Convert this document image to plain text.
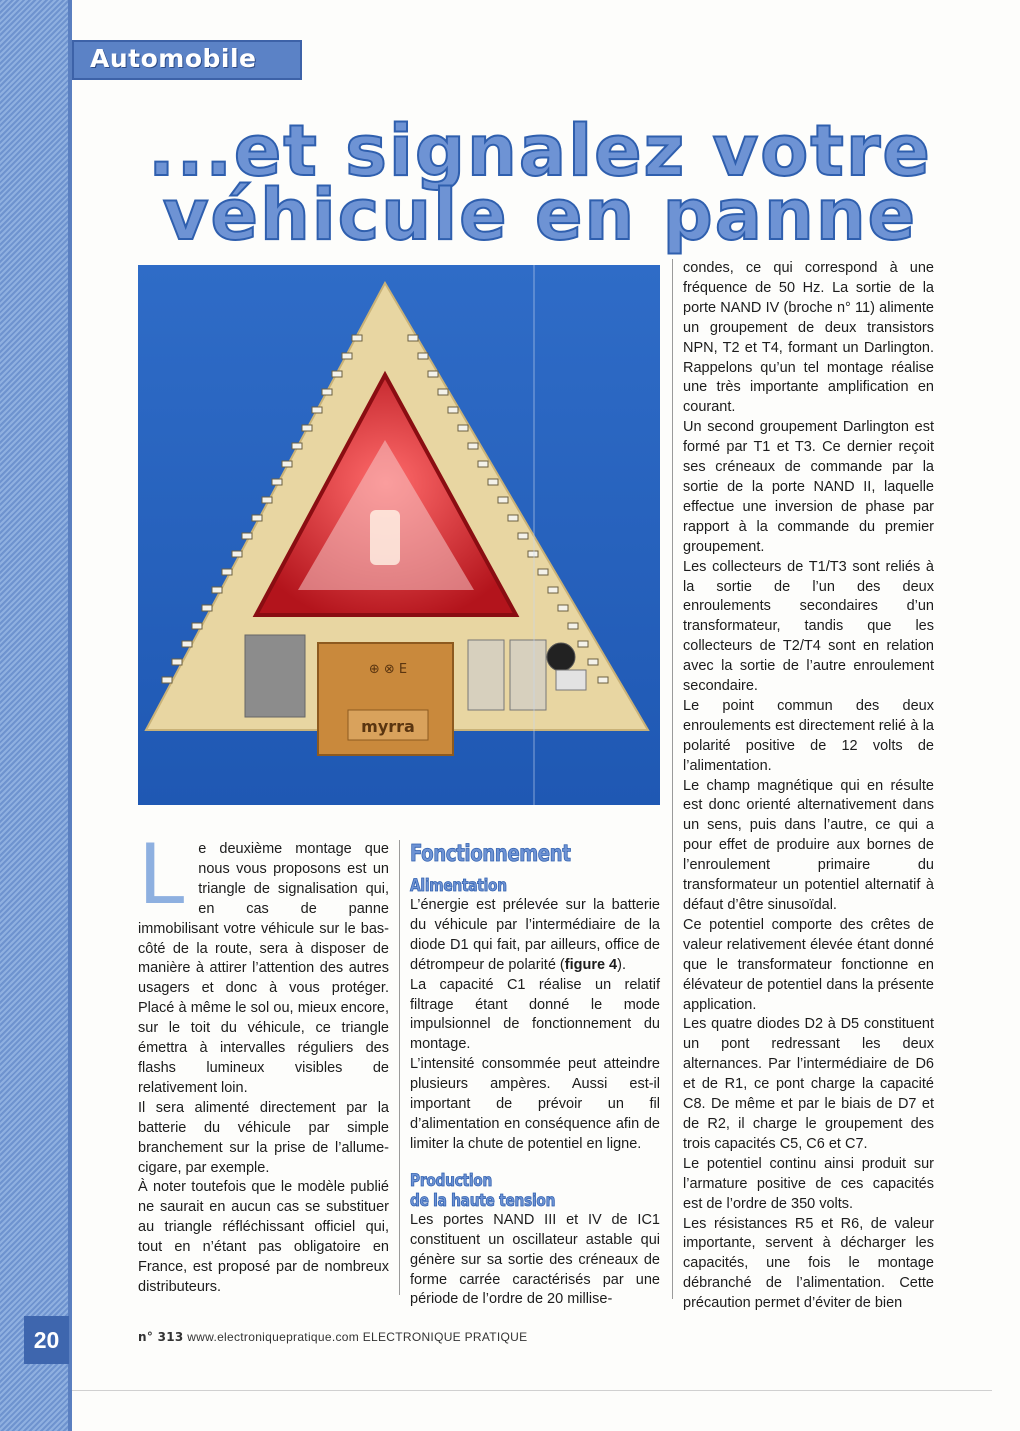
Automobile
...et signalez votre
véhicule en panne
myrra
⊕ ⊗ E
L e deuxième montage que nous vous proposons est un triangle de signalisation qui, en cas de panne immobilisant votre véhicule sur le bas-côté de la route, sera à disposer de manière à attirer l’attention des autres usagers et donc à vous protéger. Placé à même le sol ou, mieux encore, sur le toit du véhicule, ce triangle émettra à intervalles réguliers des flashs lumineux visibles de relativement loin.

Il sera alimenté directement par la batterie du véhicule par simple branchement sur la prise de l’allume-cigare, par exemple.

À noter toutefois que le modèle publié ne saurait en aucun cas se substituer au triangle réfléchissant officiel qui, tout en n’étant pas obligatoire en France, est proposé par de nombreux distributeurs.

Fonctionnement
Alimentation

L’énergie est prélevée sur la batterie du véhicule par l’intermédiaire de la diode D1 qui fait, par ailleurs, office de détrompeur de polarité (figure 4).

La capacité C1 réalise un relatif filtrage étant donné le mode impulsionnel de fonctionnement du montage.

L’intensité consommée peut atteindre plusieurs ampères. Aussi est-il important de prévoir un fil d’alimentation en conséquence afin de limiter la chute de potentiel en ligne.

Production
de la haute tension

Les portes NAND III et IV de IC1 constituent un oscillateur astable qui génère sur sa sortie des créneaux de forme carrée caractérisés par une période de l’ordre de 20 millise-

condes, ce qui correspond à une fréquence de 50 Hz. La sortie de la porte NAND IV (broche n° 11) alimente un groupement de deux transistors NPN, T2 et T4, formant un Darlington. Rappelons qu’un tel montage réalise une très importante amplification en courant.

Un second groupement Darlington est formé par T1 et T3. Ce dernier reçoit ses créneaux de commande par la sortie de la porte NAND II, laquelle effectue une inversion de phase par rapport à la commande du premier groupement.

Les collecteurs de T1/T3 sont reliés à la sortie de l’un des deux enroulements secondaires d’un transformateur, tandis que les collecteurs de T2/T4 sont en relation avec la sortie de l’autre enroulement secondaire.

Le point commun des deux enroulements est directement relié à la polarité positive de 12 volts de l’alimentation.

Le champ magnétique qui en résulte est donc orienté alternativement dans un sens, puis dans l’autre, ce qui a pour effet de produire aux bornes de l’enroulement primaire du transformateur un potentiel alternatif à défaut d’être sinusoïdal.

Ce potentiel comporte des crêtes de valeur relativement élevée étant donné que le transformateur fonctionne en élévateur de potentiel dans la présente application.

Les quatre diodes D2 à D5 constituent un pont redressant les deux alternances. Par l’intermédiaire de D6 et de R1, ce pont charge la capacité C8. De même et par le biais de D7 et de R2, il charge le groupement des trois capacités C5, C6 et C7.

Le potentiel continu ainsi produit sur l’armature positive de ces capacités est de l’ordre de 350 volts.

Les résistances R5 et R6, de valeur importante, servent à décharger les capacités, une fois le montage débranché de l’alimentation. Cette précaution permet d’éviter de bien

20	n° 313 www.electroniquepratique.com ELECTRONIQUE PRATIQUE
